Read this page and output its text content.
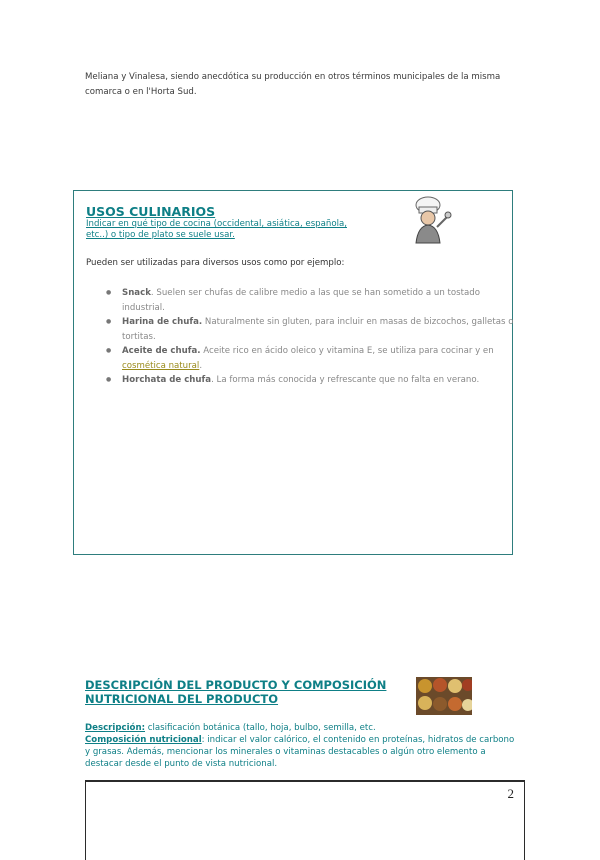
Meliana y Vinalesa, siendo anecdótica su producción en otros términos municipales de la misma comarca o en l'Horta Sud.
USOS CULINARIOS
Indicar en qué tipo de cocina (occidental, asiática, española, etc..) o tipo de plato se suele usar.
Pueden ser utilizadas para diversos usos como por ejemplo:
● Snack. Suelen ser chufas de calibre medio a las que se han sometido a un tostado industrial.
● Harina de chufa. Naturalmente sin gluten, para incluir en masas de bizcochos, galletas o tortitas.
● Aceite de chufa. Aceite rico en ácido oleico y vitamina E, se utiliza para cocinar y en cosmética natural.
● Horchata de chufa. La forma más conocida y refrescante que no falta en verano.
DESCRIPCIÓN DEL PRODUCTO Y COMPOSICIÓN NUTRICIONAL DEL PRODUCTO
Descripción: clasificación botánica (tallo, hoja, bulbo, semilla, etc.
Composición nutricional: indicar el valor calórico, el contenido en proteínas, hidratos de carbono y grasas. Además, mencionar los minerales o vitaminas destacables o algún otro elemento a destacar desde el punto de vista nutricional.
2
